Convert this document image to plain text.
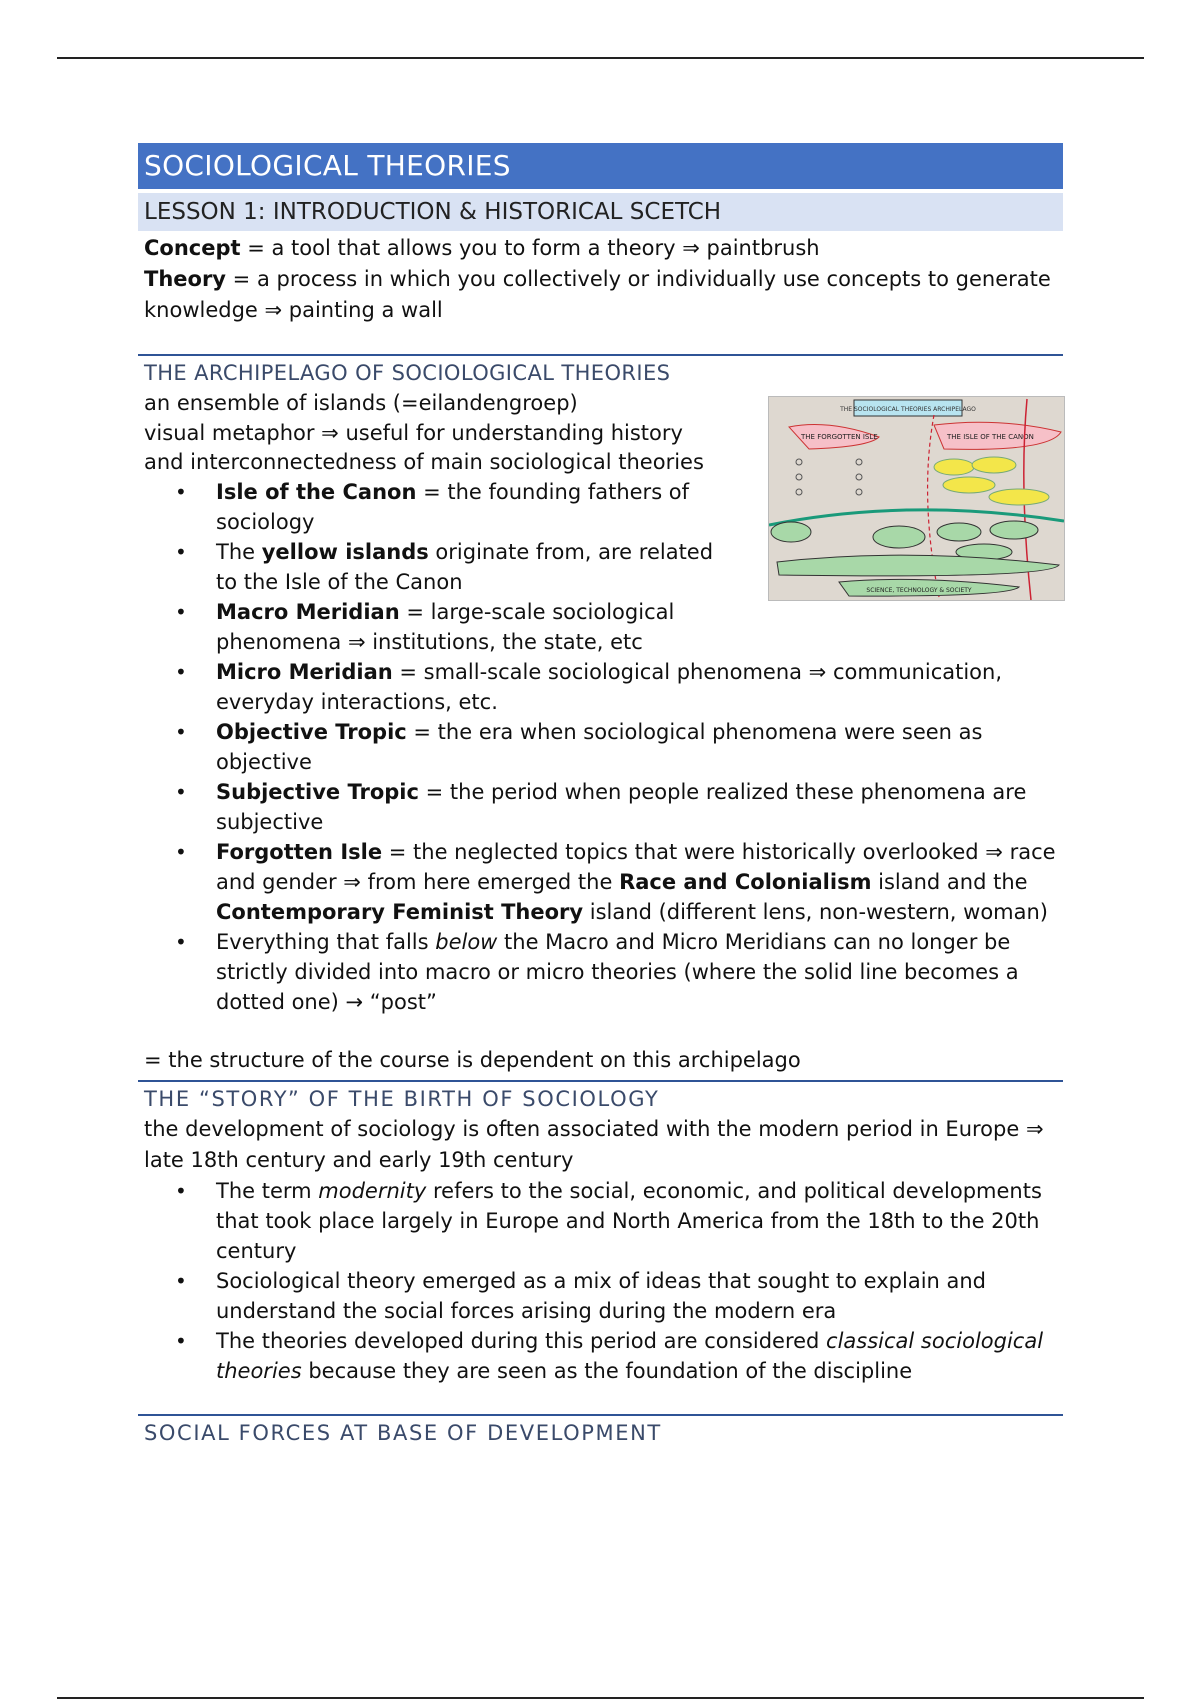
SOCIOLOGICAL THEORIES
LESSON 1: INTRODUCTION & HISTORICAL SCETCH

Concept = a tool that allows you to form a theory ⇒ paintbrush

Theory = a process in which you collectively or individually use concepts to generate knowledge ⇒ painting a wall

THE ARCHIPELAGO OF SOCIOLOGICAL THEORIES
THE SOCIOLOGICAL THEORIES ARCHIPELAGO
THE FORGOTTEN ISLE	THE ISLE OF THE CANON
SCIENCE, TECHNOLOGY & SOCIETY

an ensemble of islands (=eilandengroep)

visual metaphor ⇒ useful for understanding history and interconnectedness of main sociological theories

• Isle of the Canon = the founding fathers of sociology
• The yellow islands originate from, are related to the Isle of the Canon
• Macro Meridian = large-scale sociological phenomena ⇒ institutions, the state, etc
• Micro Meridian = small-scale sociological phenomena ⇒ communication, everyday interactions, etc.
• Objective Tropic = the era when sociological phenomena were seen as objective
• Subjective Tropic = the period when people realized these phenomena are subjective
• Forgotten Isle = the neglected topics that were historically overlooked ⇒ race and gender ⇒ from here emerged the Race and Colonialism island and the Contemporary Feminist Theory island (different lens, non-western, woman)
• Everything that falls below the Macro and Micro Meridians can no longer be strictly divided into macro or micro theories (where the solid line becomes a dotted one) → “post”

= the structure of the course is dependent on this archipelago

THE “STORY” OF THE BIRTH OF SOCIOLOGY

the development of sociology is often associated with the modern period in Europe ⇒ late 18th century and early 19th century

• The term modernity refers to the social, economic, and political developments that took place largely in Europe and North America from the 18th to the 20th century
• Sociological theory emerged as a mix of ideas that sought to explain and understand the social forces arising during the modern era
• The theories developed during this period are considered classical sociological theories because they are seen as the foundation of the discipline
SOCIAL FORCES AT BASE OF DEVELOPMENT
